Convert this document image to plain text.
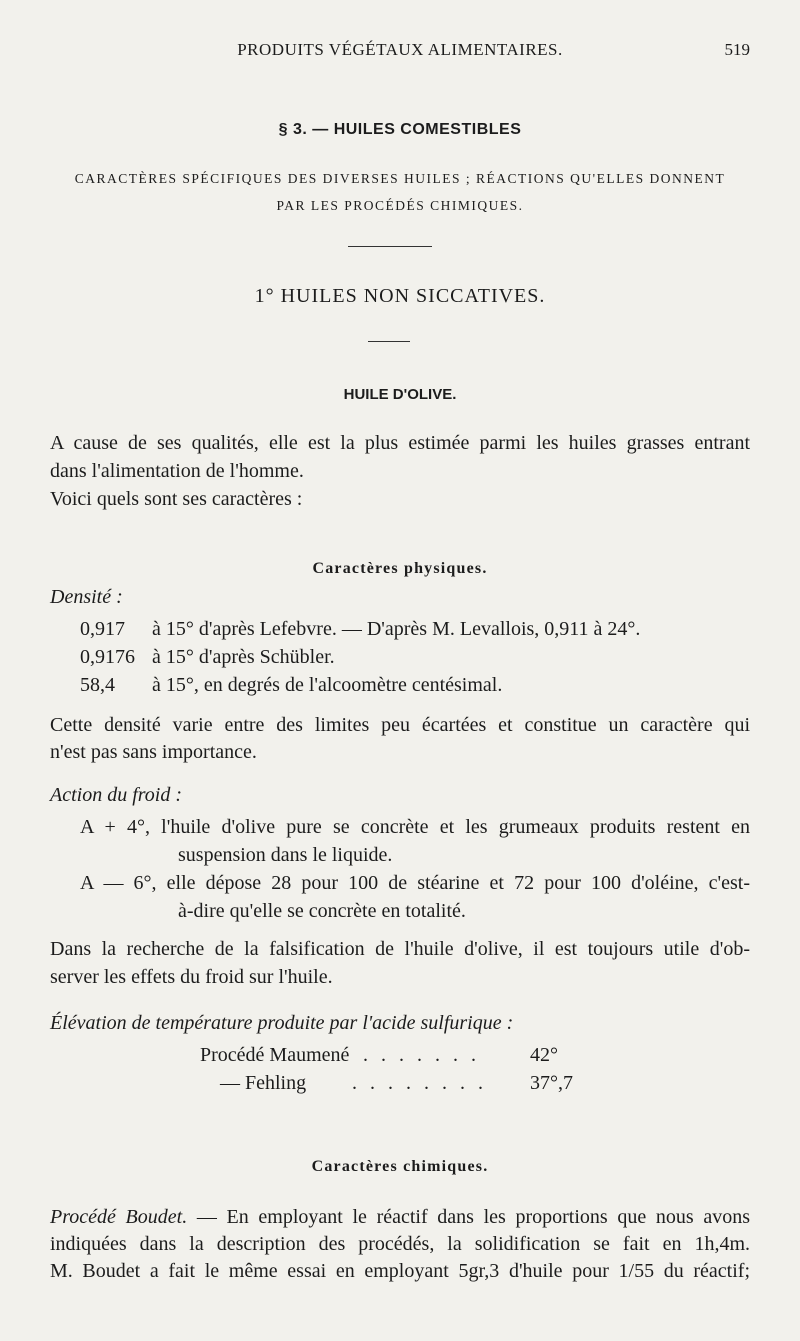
PRODUITS VÉGÉTAUX ALIMENTAIRES.	519
§ 3. — HUILES COMESTIBLES
CARACTÈRES SPÉCIFIQUES DES DIVERSES HUILES ; RÉACTIONS QU'ELLES DONNENT
PAR LES PROCÉDÉS CHIMIQUES.
1° HUILES NON SICCATIVES.
HUILE D'OLIVE.
A cause de ses qualités, elle est la plus estimée parmi les huiles grasses entrant
dans l'alimentation de l'homme.
Voici quels sont ses caractères :
Caractères physiques.
Densité :
0,917 à 15° d'après Lefebvre. — D'après M. Levallois, 0,911 à 24°.
0,9176 à 15° d'après Schübler.
58,4 à 15°, en degrés de l'alcoomètre centésimal.
Cette densité varie entre des limites peu écartées et constitue un caractère qui
n'est pas sans importance.
Action du froid :
A + 4°, l'huile d'olive pure se concrète et les grumeaux produits restent en
suspension dans le liquide.
A — 6°, elle dépose 28 pour 100 de stéarine et 72 pour 100 d'oléine, c'est-
à-dire qu'elle se concrète en totalité.
Dans la recherche de la falsification de l'huile d'olive, il est toujours utile d'ob-
server les effets du froid sur l'huile.
Élévation de température produite par l'acide sulfurique :
Procédé Maumené . . . . . . .	42°
— Fehling . . . . . . . . 37°,7
Caractères chimiques.
Procédé Boudet. — En employant le réactif dans les proportions que nous avons
indiquées dans la description des procédés, la solidification se fait en 1h,4m.
M. Boudet a fait le même essai en employant 5gr,3 d'huile pour 1/55 du réactif;
